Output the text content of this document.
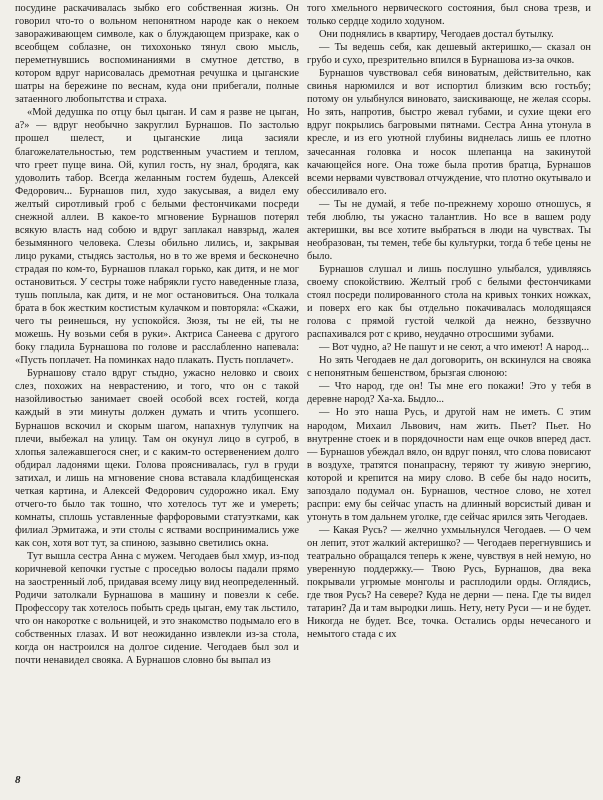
посудине раскачивалась зыбко его собственная жизнь. Он говорил что-то о вольном непонятном народе как о некоем завораживающем символе, как о блуждающем призраке, как о всеобщем соблазне, он тихохонько тянул свою мысль, переметнувшись воспоминаниями в смутное детство, в котором вдруг нарисовалась дремотная речушка и цыганские шатры на бережине по веснам, куда они прибегали, полные затаенного любопытства и страха.

«Мой дедушка по отцу был цыган. И сам я разве не цыган, а?» — вдруг необычно закруглил Бурнашов. По застолью прошел шелест, и цыганские лица засияли благожелательностью, тем родственным участием и теплом, что греет пуще вина. Ой, купил гость, ну знал, бродяга, как удоволить табор. Всегда желанным гостем будешь, Алексей Федорович... Бурнашов пил, худо закусывая, а видел ему желтый сиротливый гроб с белыми фестончиками посреди снежной аллеи. В какое-то мгновение Бурнашов потерял всякую власть над собою и вдруг заплакал навзрыд, жалея безымянного человека. Слезы обильно лились, и, закрывая лицо руками, стыдясь застолья, но в то же время и бесконечно страдая по ком-то, Бурнашов плакал горько, как дитя, и не мог остановиться. У сестры тоже набрякли густо наведенные глаза, тушь поплыла, как дитя, и не мог остановиться. Она толкала брата в бок жестким костистым кулачком и повторяла: «Скажи, чего ты реинешься, ну успокойся. Зюзя, ты не ей, ты не можешь. Ну возьми себя в руки». Актриса Санеева с другого боку гладила Бурнашова по голове и расслабленно напевала: «Пусть поплачет. На поминках надо плакать. Пусть поплачет».

Бурнашову стало вдруг стыдно, ужасно неловко и своих слез, похожих на неврастению, и того, что он с такой назойливостью занимает своей особой всех гостей, когда каждый в эти минуты должен думать и чтить усопшего. Бурнашов вскочил и скорым шагом, напахнув тулупчик на плечи, выбежал на улицу. Там он окунул лицо в сугроб, в хлопья залежавшегося снег, и с каким-то остервенением долго обдирал ладонями щеки. Голова прояснивалась, гул в груди затихал, и лишь на мгновение снова вставала кладбищенская четкая картина, и Алексей Федорович судорожно икал. Ему отчего-то было так тошно, что хотелось тут же и умереть; комнаты, сплошь уставленные фарфоровыми статуэтками, как филиал Эрмитажа, и эти столы с яствами воспринимались уже как сон, хотя вот тут, за спиною, зазывно светились окна.

Тут вышла сестра Анна с мужем. Чегодаев был хмур, из-под коричневой кепочки густые с проседью волосы падали прямо на заостренный лоб, придавая всему лицу вид неопределенный. Родичи затолкали Бурнашова в машину и повезли к себе. Профессору так хотелось побыть средь цыган, ему так льстило, что он накоротке с вольницей, и это знакомство подымало его в собственных глазах. И вот неожиданно извлекли из-за стола, когда он настроился на долгое сидение. Чегодаев был зол и почти ненавидел свояка. А Бурнашов словно бы выпал из

того хмельного нервического состояния, был снова трезв, и только сердце ходило ходуном.

Они поднялись в квартиру, Чегодаев достал бутылку.

— Ты ведешь себя, как дешевый актеришко,— сказал он грубо и сухо, презрительно впился в Бурнашова из-за очков.

Бурнашов чувствовал себя виноватым, действительно, как свинья нарюмился и вот испортил близким всю гостьбу; потому он улыбнулся виновато, заискивающе, не желая ссоры. Но зять, напротив, быстро жевал губами, и сухие щеки его вдруг покрылись багровыми пятнами. Сестра Анна утонула в кресле, и из его уютной глубины виднелась лишь ее плотно зачесанная головка и носок шлепанца на закинутой качающейся ноге. Она тоже была против братца, Бурнашов всеми нервами чувствовал отчуждение, что плотно окутывало и обессиливало его.

— Ты не думай, я тебе по-прежнему хорошо отношусь, я тебя люблю, ты ужасно талантлив. Но все в вашем роду актеришки, вы все хотите выбраться в люди на чувствах. Ты необразован, ты темен, тебе бы культурки, тогда б тебе цены не было.

Бурнашов слушал и лишь послушно улыбался, удивляясь своему спокойствию. Желтый гроб с белыми фестончиками стоял посреди полированного стола на кривых тонких ножках, и поверх его как бы отдельно покачивалась молодящаяся голова с прямой густой челкой да нежно, беззвучно распахивался рот с криво, неудачно отросшими зубами.

— Вот чудно, а? Не пашут и не сеют, а что имеют! А народ...

Но зять Чегодаев не дал договорить, он вскинулся на свояка с непонятным бешенством, брызгая слюною:

— Что народ, где он! Ты мне его покажи! Это у тебя в деревне народ? Ха-ха. Быдло...

— Но это наша Русь, и другой нам не иметь. С этим народом, Михаил Львович, нам жить. Пьет? Пьет. Но внутренне стоек и в порядочности нам еще очков вперед даст.— Бурнашов убеждал вяло, он вдруг понял, что слова повисают в воздухе, тратятся понапрасну, теряют ту живую энергию, которой и крепится на миру слово. В себе бы надо носить, запоздало подумал он. Бурнашов, честное слово, не хотел распри: ему бы сейчас упасть на длинный ворсистый диван и утонуть в том дальнем уголке, где сейчас ярился зять Чегодаев.

— Какая Русь? — желчно ухмыльнулся Чегодаев. — О чем он лепит, этот жалкий актеришко? — Чегодаев перегнувшись и театрально обращался теперь к жене, чувствуя в ней немую, но уверенную поддержку.— Твою Русь, Бурнашов, два века покрывали угрюмые монголы и расплодили орды. Оглядись, где твоя Русь? На севере? Куда не дерни — пена. Где ты видел татарин? Да и там выродки лишь. Нету, нету Руси — и не будет. Никогда не будет. Все, точка. Остались орды нечесаного и немытого стада с их

8
